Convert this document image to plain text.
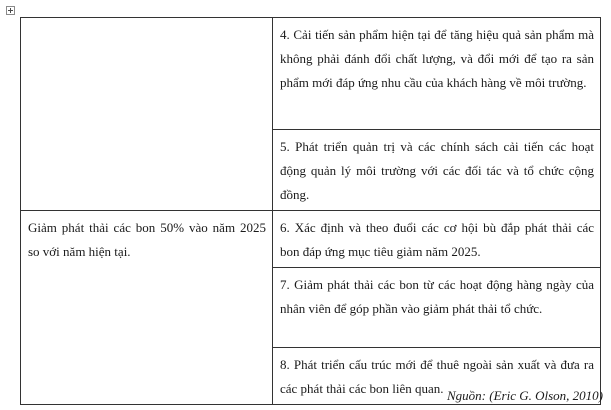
	4. Cải tiến sản phẩm hiện tại để tăng hiệu quả sản phẩm mà không phải đánh đổi chất lượng, và đổi mới để tạo ra sản phẩm mới đáp ứng nhu cầu của khách hàng về môi trường.
	5. Phát triển quản trị và các chính sách cải tiến các hoạt động quản lý môi trường với các đối tác và tổ chức cộng đồng.
Giảm phát thải các bon 50% vào năm 2025 so với năm hiện tại.	6. Xác định và theo đuổi các cơ hội bù đắp phát thải các bon đáp ứng mục tiêu giảm năm 2025.
	7. Giảm phát thải các bon từ các hoạt động hàng ngày của nhân viên để góp phần vào giảm phát thải tổ chức.
	8. Phát triển cấu trúc mới để thuê ngoài sản xuất và đưa ra các phát thải các bon liên quan. Nguồn: (Eric G. Olson, 2010)
